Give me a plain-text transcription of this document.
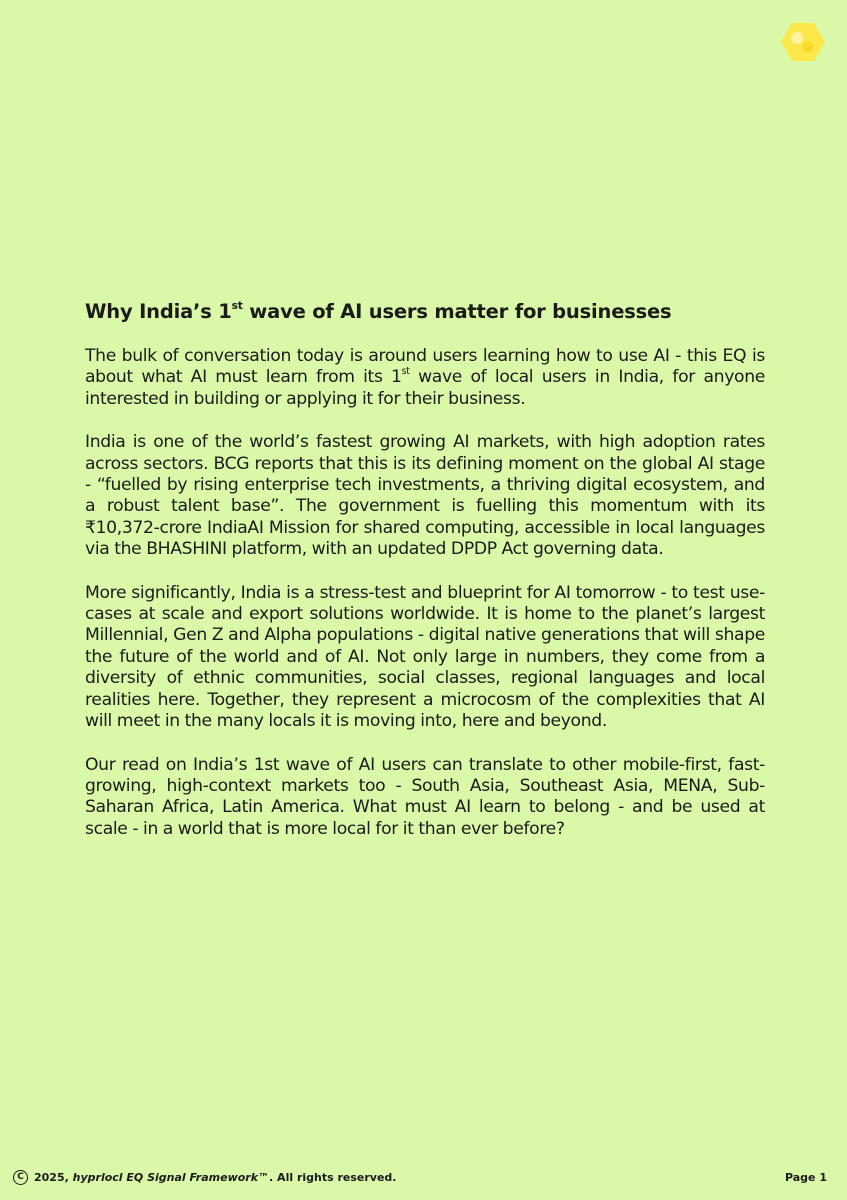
Why India’s 1st wave of AI users matter for businesses

The bulk of conversation today is around users learning how to use AI - this EQ is about what AI must learn from its 1st wave of local users in India, for anyone interested in building or applying it for their business.

India is one of the world’s fastest growing AI markets, with high adoption rates across sectors. BCG reports that this is its defining moment on the global AI stage - “fuelled by rising enterprise tech investments, a thriving digital ecosystem, and a robust talent base”. The government is fuelling this momentum with its ₹10,372-crore IndiaAI Mission for shared computing, accessible in local languages via the BHASHINI platform, with an updated DPDP Act governing data.

More significantly, India is a stress-test and blueprint for AI tomorrow - to test use-cases at scale and export solutions worldwide. It is home to the planet’s largest Millennial, Gen Z and Alpha populations - digital native generations that will shape the future of the world and of AI. Not only large in numbers, they come from a diversity of ethnic communities, social classes, regional languages and local realities here. Together, they represent a microcosm of the complexities that AI will meet in the many locals it is moving into, here and beyond.

Our read on India’s 1st wave of AI users can translate to other mobile-first, fast-growing, high-context markets too - South Asia, Southeast Asia, MENA, Sub-Saharan Africa, Latin America. What must AI learn to belong - and be used at scale - in a world that is more local for it than ever before?

C 2025, hyprlocl EQ Signal Framework™. All rights reserved.	Page 1
